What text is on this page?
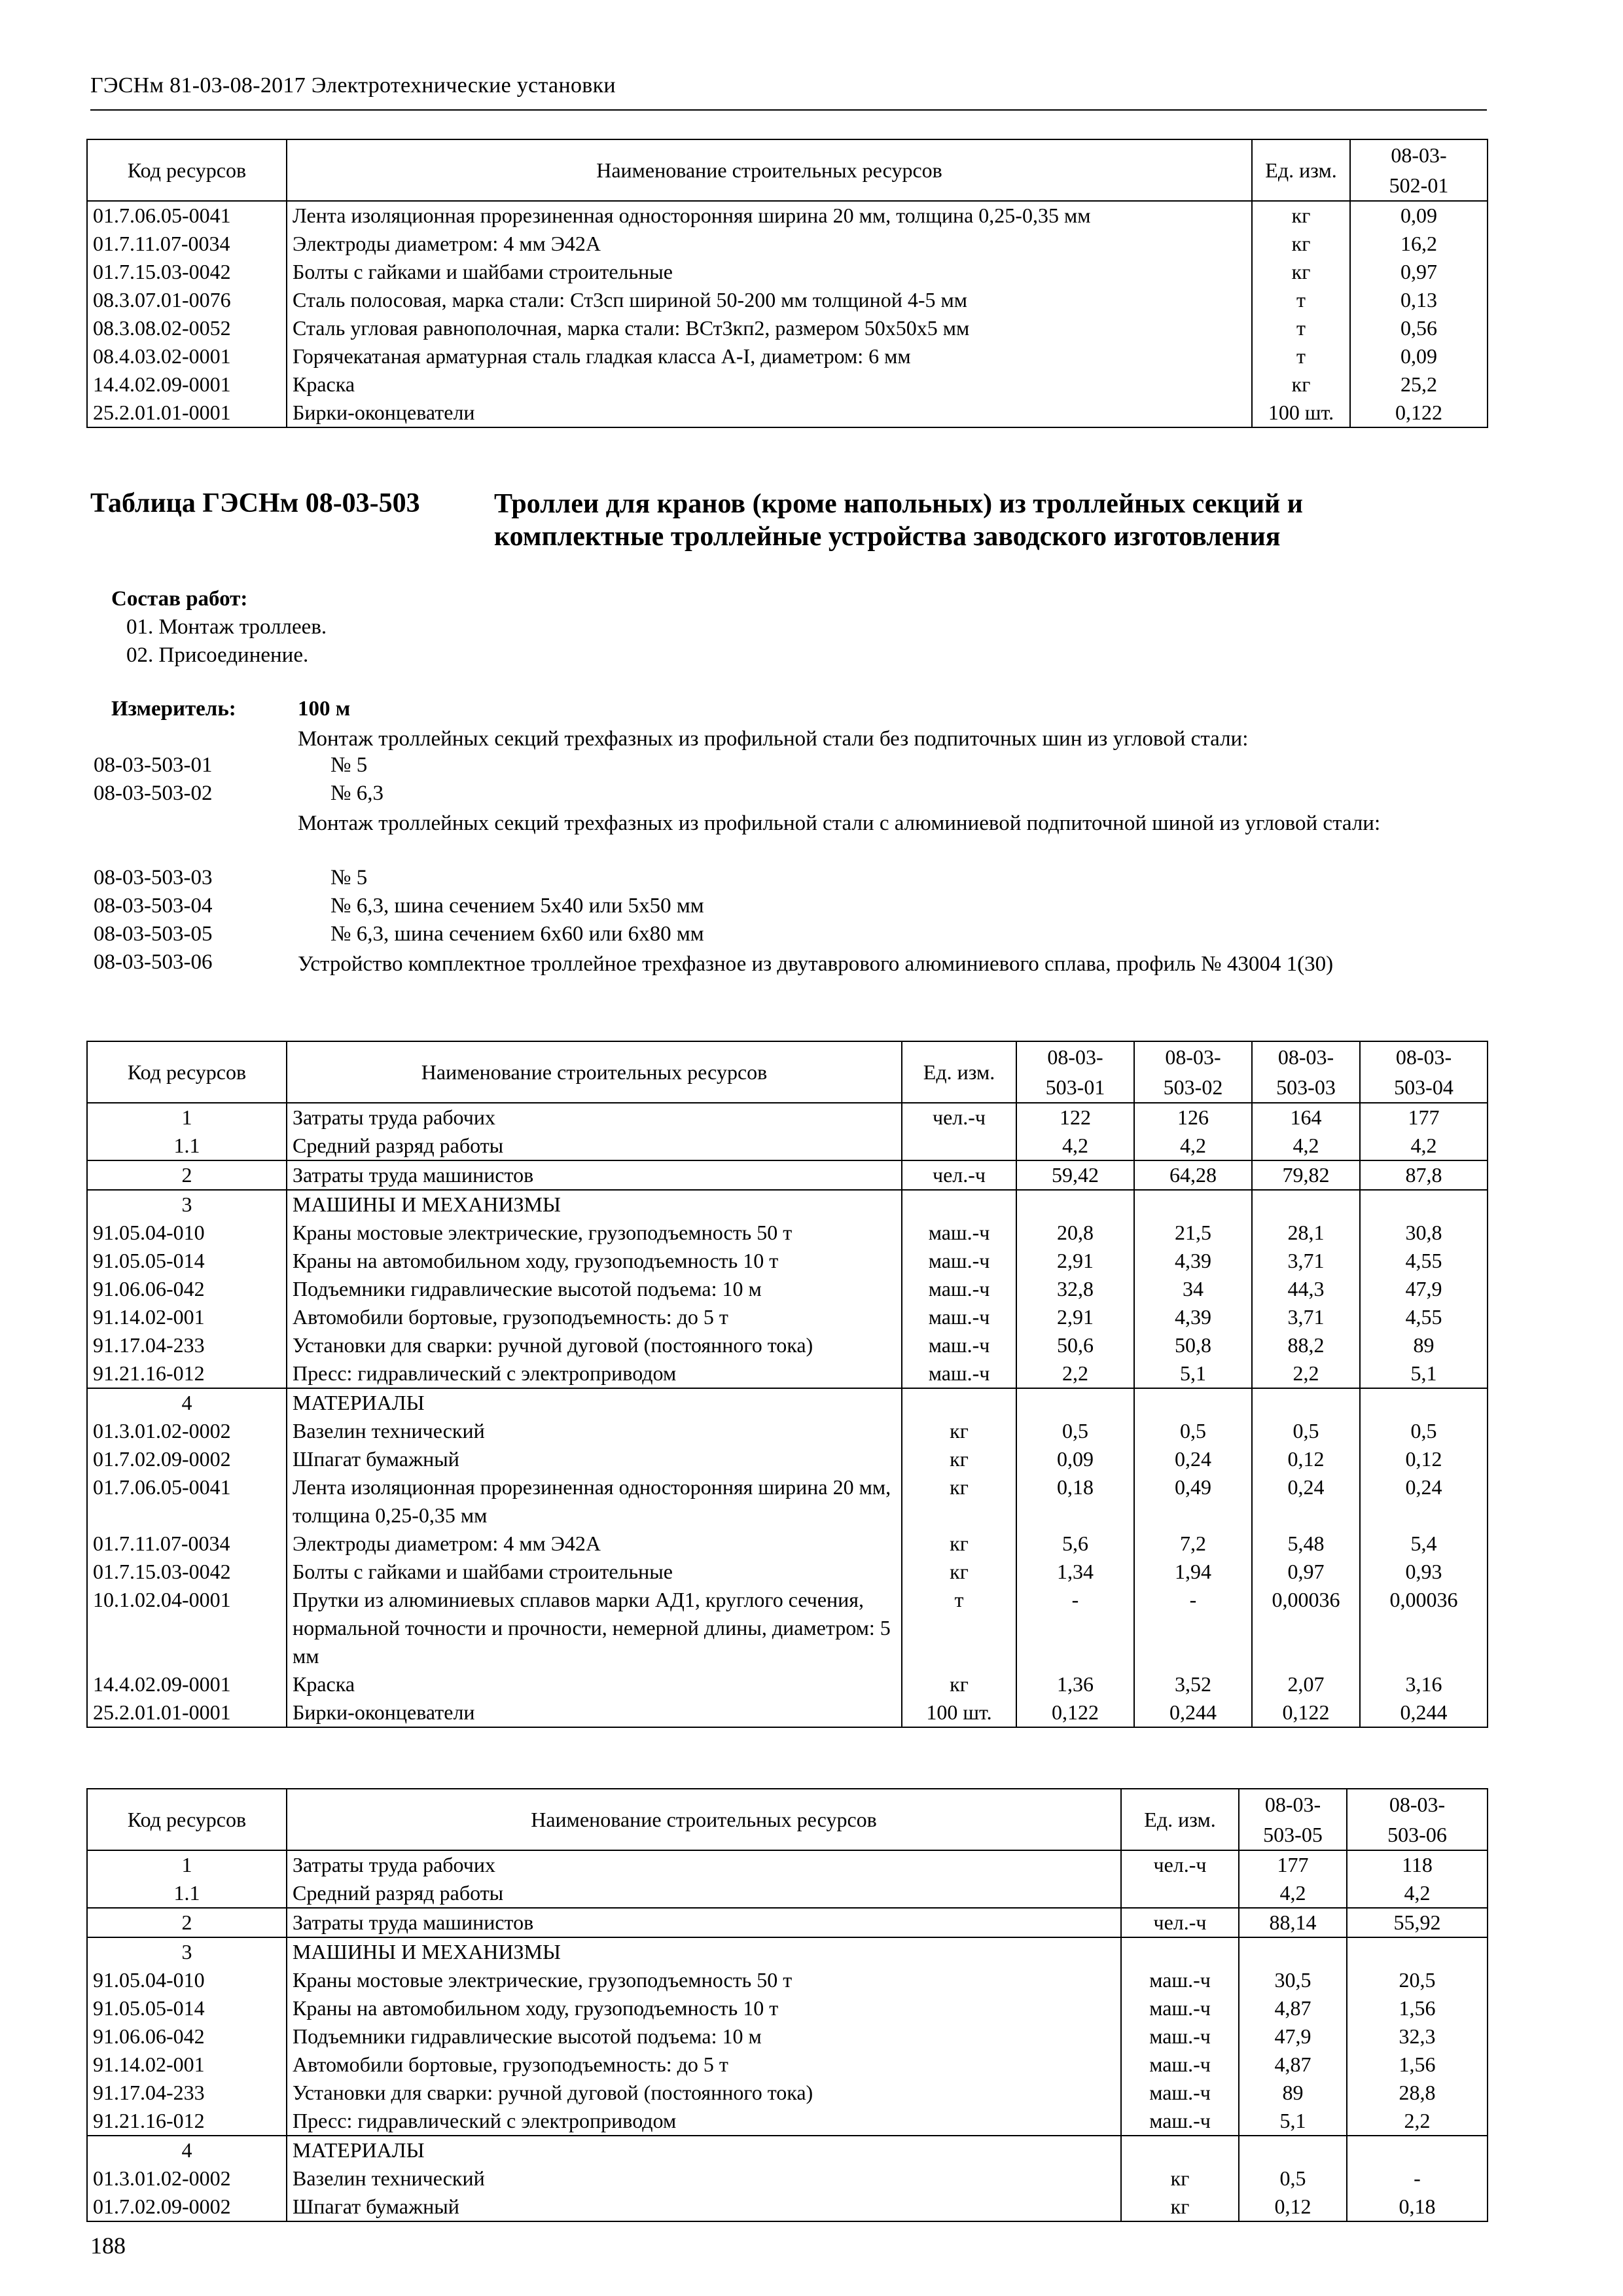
ГЭСНм 81-03-08-2017 Электротехнические установки
Код ресурсов	Наименование строительных ресурсов	Ед. изм.	08-03-
502-01
01.7.06.05-0041	Лента изоляционная прорезиненная односторонняя ширина 20 мм, толщина 0,25-0,35 мм	кг	0,09
01.7.11.07-0034	Электроды диаметром: 4 мм Э42А	кг	16,2
01.7.15.03-0042	Болты с гайками и шайбами строительные	кг	0,97
08.3.07.01-0076	Сталь полосовая, марка стали: Ст3сп шириной 50-200 мм толщиной 4-5 мм	т	0,13
08.3.08.02-0052	Сталь угловая равнополочная, марка стали: ВСт3кп2, размером 50х50х5 мм	т	0,56
08.4.03.02-0001	Горячекатаная арматурная сталь гладкая класса А-I, диаметром: 6 мм	т	0,09
14.4.02.09-0001	Краска	кг	25,2
25.2.01.01-0001	Бирки-оконцеватели	100 шт.	0,122
Таблица ГЭСНм 08-03-503	Троллеи для кранов (кроме напольных) из троллейных секций и комплектные троллейные устройства заводского изготовления
Состав работ:
01. Монтаж троллеев.
02. Присоединение.
Измеритель:	100 м
Монтаж троллейных секций трехфазных из профильной стали без подпиточных шин из угловой стали:
08-03-503-01	№ 5
08-03-503-02	№ 6,3
Монтаж троллейных секций трехфазных из профильной стали с алюминиевой подпиточной шиной из угловой стали:
08-03-503-03	№ 5
08-03-503-04	№ 6,3, шина сечением 5х40 или 5х50 мм
08-03-503-05	№ 6,3, шина сечением 6х60 или 6х80 мм
08-03-503-06	Устройство комплектное троллейное трехфазное из двутаврового алюминиевого сплава, профиль № 43004 1(30)
Код ресурсов	Наименование строительных ресурсов	Ед. изм.	08-03-
503-01	08-03-
503-02	08-03-
503-03	08-03-
503-04
1	Затраты труда рабочих	чел.-ч	122	126	164	177
1.1	Средний разряд работы		4,2	4,2	4,2	4,2
2	Затраты труда машинистов	чел.-ч	59,42	64,28	79,82	87,8
3	МАШИНЫ И МЕХАНИЗМЫ					
91.05.04-010	Краны мостовые электрические, грузоподъемность 50 т	маш.-ч	20,8	21,5	28,1	30,8
91.05.05-014	Краны на автомобильном ходу, грузоподъемность 10 т	маш.-ч	2,91	4,39	3,71	4,55
91.06.06-042	Подъемники гидравлические высотой подъема: 10 м	маш.-ч	32,8	34	44,3	47,9
91.14.02-001	Автомобили бортовые, грузоподъемность: до 5 т	маш.-ч	2,91	4,39	3,71	4,55
91.17.04-233	Установки для сварки: ручной дуговой (постоянного тока)	маш.-ч	50,6	50,8	88,2	89
91.21.16-012	Пресс: гидравлический с электроприводом	маш.-ч	2,2	5,1	2,2	5,1
4	МАТЕРИАЛЫ					
01.3.01.02-0002	Вазелин технический	кг	0,5	0,5	0,5	0,5
01.7.02.09-0002	Шпагат бумажный	кг	0,09	0,24	0,12	0,12
01.7.06.05-0041	Лента изоляционная прорезиненная односторонняя ширина 20 мм, толщина 0,25-0,35 мм	кг	0,18	0,49	0,24	0,24
01.7.11.07-0034	Электроды диаметром: 4 мм Э42А	кг	5,6	7,2	5,48	5,4
01.7.15.03-0042	Болты с гайками и шайбами строительные	кг	1,34	1,94	0,97	0,93
10.1.02.04-0001	Прутки из алюминиевых сплавов марки АД1, круглого сечения, нормальной точности и прочности, немерной длины, диаметром: 5 мм	т	-	-	0,00036	0,00036
14.4.02.09-0001	Краска	кг	1,36	3,52	2,07	3,16
25.2.01.01-0001	Бирки-оконцеватели	100 шт.	0,122	0,244	0,122	0,244
Код ресурсов	Наименование строительных ресурсов	Ед. изм.	08-03-
503-05	08-03-
503-06
1	Затраты труда рабочих	чел.-ч	177	118
1.1	Средний разряд работы		4,2	4,2
2	Затраты труда машинистов	чел.-ч	88,14	55,92
3	МАШИНЫ И МЕХАНИЗМЫ			
91.05.04-010	Краны мостовые электрические, грузоподъемность 50 т	маш.-ч	30,5	20,5
91.05.05-014	Краны на автомобильном ходу, грузоподъемность 10 т	маш.-ч	4,87	1,56
91.06.06-042	Подъемники гидравлические высотой подъема: 10 м	маш.-ч	47,9	32,3
91.14.02-001	Автомобили бортовые, грузоподъемность: до 5 т	маш.-ч	4,87	1,56
91.17.04-233	Установки для сварки: ручной дуговой (постоянного тока)	маш.-ч	89	28,8
91.21.16-012	Пресс: гидравлический с электроприводом	маш.-ч	5,1	2,2
4	МАТЕРИАЛЫ			
01.3.01.02-0002	Вазелин технический	кг	0,5	-
01.7.02.09-0002	Шпагат бумажный	кг	0,12	0,18
188
